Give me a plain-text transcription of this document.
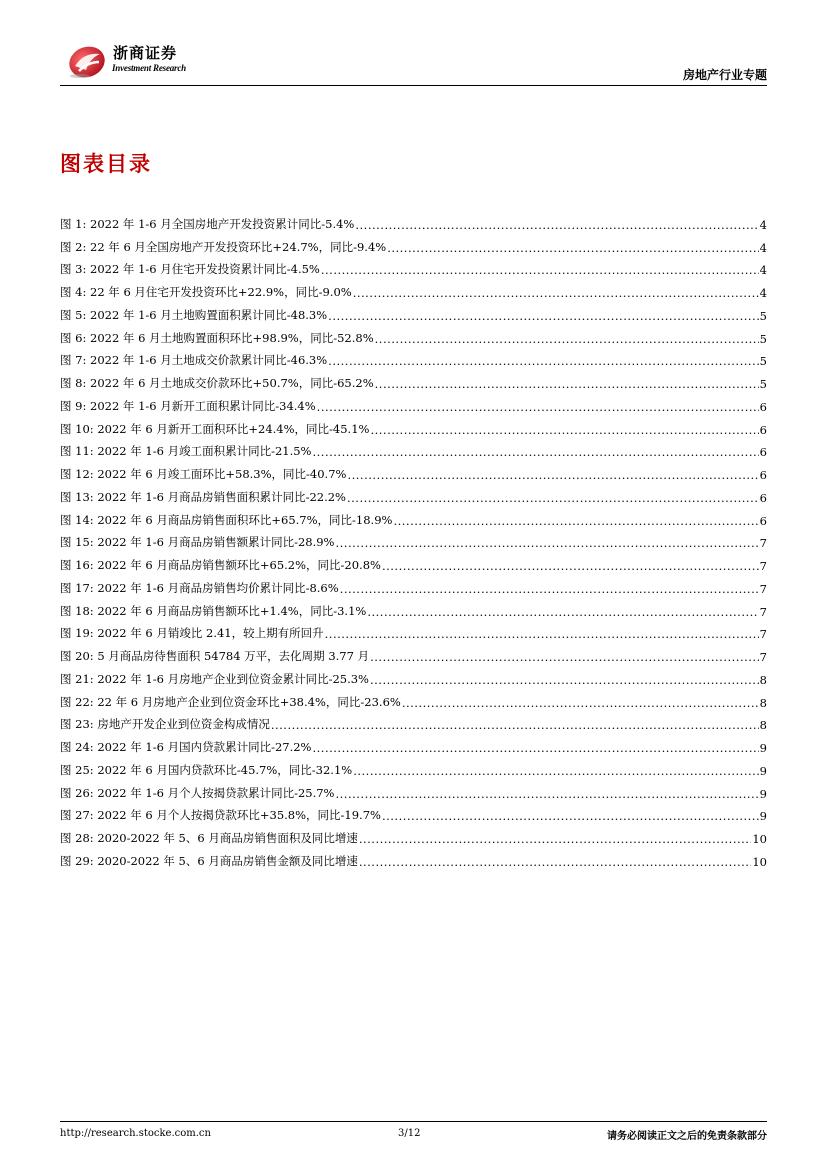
浙商证券
Investment Research	房地产行业专题
图表目录
图 1: 2022 年 1-6 月全国房地产开发投资累计同比-5.4% .....	4
图 2: 22 年 6 月全国房地产开发投资环比+24.7%，同比-9.4% .....	4
图 3: 2022 年 1-6 月住宅开发投资累计同比-4.5% .....	4
图 4: 22 年 6 月住宅开发投资环比+22.9%，同比-9.0% .....	4
图 5: 2022 年 1-6 月土地购置面积累计同比-48.3% .....	5
图 6: 2022 年 6 月土地购置面积环比+98.9%，同比-52.8% .....	5
图 7: 2022 年 1-6 月土地成交价款累计同比-46.3% .....	5
图 8: 2022 年 6 月土地成交价款环比+50.7%，同比-65.2% .....	5
图 9: 2022 年 1-6 月新开工面积累计同比-34.4% .....	6
图 10: 2022 年 6 月新开工面积环比+24.4%，同比-45.1% .....	6
图 11: 2022 年 1-6 月竣工面积累计同比-21.5% .....	6
图 12: 2022 年 6 月竣工面环比+58.3%，同比-40.7% .....	6
图 13: 2022 年 1-6 月商品房销售面积累计同比-22.2% .....	6
图 14: 2022 年 6 月商品房销售面积环比+65.7%，同比-18.9% .....	6
图 15: 2022 年 1-6 月商品房销售额累计同比-28.9% .....	7
图 16: 2022 年 6 月商品房销售额环比+65.2%，同比-20.8% .....	7
图 17: 2022 年 1-6 月商品房销售均价累计同比-8.6% .....	7
图 18: 2022 年 6 月商品房销售额环比+1.4%，同比-3.1% .....	7
图 19: 2022 年 6 月销竣比 2.41，较上期有所回升 .....	7
图 20: 5 月商品房待售面积 54784 万平，去化周期 3.77 月 .....	7
图 21: 2022 年 1-6 月房地产企业到位资金累计同比-25.3% .....	8
图 22: 22 年 6 月房地产企业到位资金环比+38.4%，同比-23.6% .....	8
图 23: 房地产开发企业到位资金构成情况 .....	8
图 24: 2022 年 1-6 月国内贷款累计同比-27.2% .....	9
图 25: 2022 年 6 月国内贷款环比-45.7%，同比-32.1% .....	9
图 26: 2022 年 1-6 月个人按揭贷款累计同比-25.7% .....	9
图 27: 2022 年 6 月个人按揭贷款环比+35.8%，同比-19.7% .....	9
图 28: 2020-2022 年 5、6 月商品房销售面积及同比增速 .....	10
图 29: 2020-2022 年 5、6 月商品房销售金额及同比增速 .....	10
http://research.stocke.com.cn	3/12	请务必阅读正文之后的免责条款部分
